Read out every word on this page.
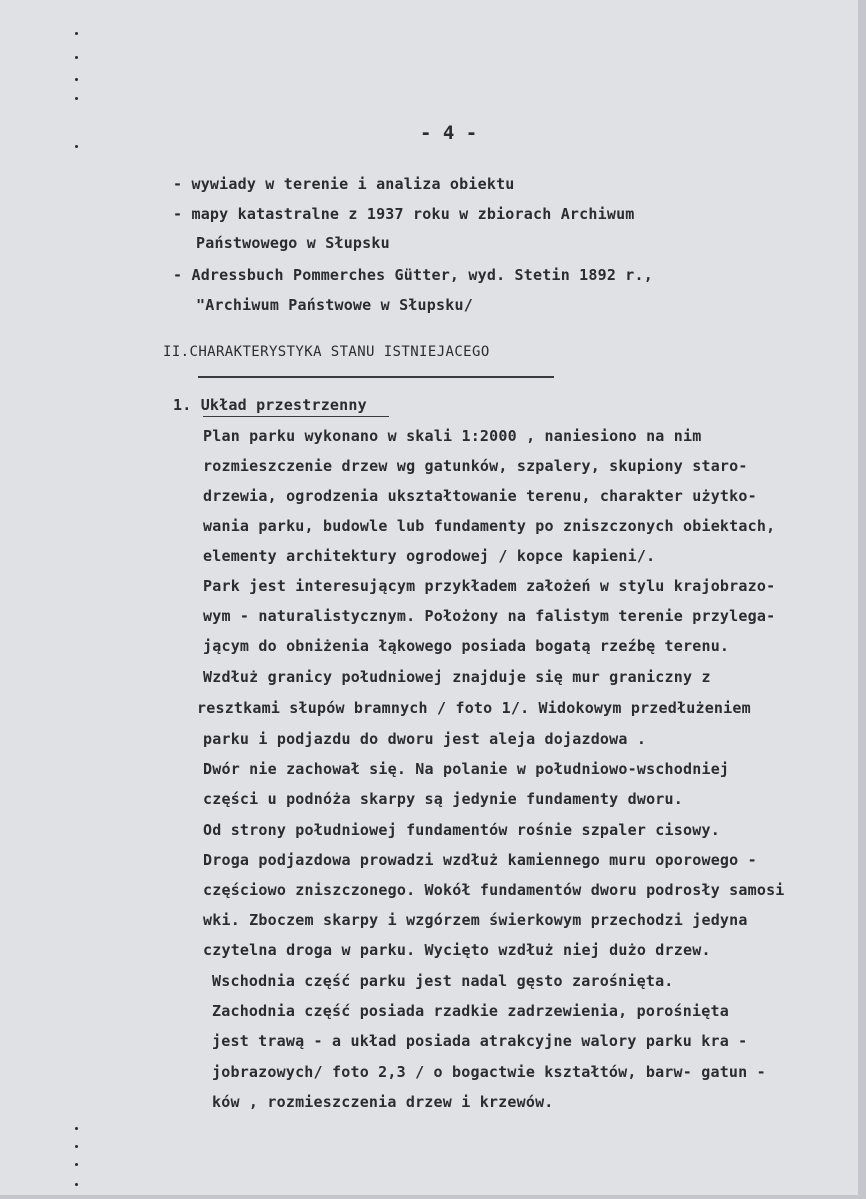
- 4 -
- wywiady w terenie i analiza obiektu
- mapy katastralne z 1937 roku w zbiorach Archiwum
Państwowego w Słupsku
- Adressbuch Pommerches Gütter, wyd. Stetin 1892 r.,
"Archiwum Państwowe w Słupsku/
II.CHARAKTERYSTYKA STANU ISTNIEJACEGO
1. Układ przestrzenny
Plan parku wykonano w skali 1:2000 , naniesiono na nim
rozmieszczenie drzew wg gatunków, szpalery, skupiony staro-
drzewia, ogrodzenia ukształtowanie terenu, charakter użytko-
wania parku, budowle lub fundamenty po zniszczonych obiektach,
elementy architektury ogrodowej / kopce kapieni/.
Park jest interesującym przykładem założeń w stylu krajobrazo-
wym - naturalistycznym. Położony na falistym terenie przylega-
jącym do obniżenia łąkowego posiada bogatą rzeźbę terenu.
Wzdłuż granicy południowej znajduje się mur graniczny z
resztkami słupów bramnych / foto 1/. Widokowym przedłużeniem
parku i podjazdu do dworu jest aleja dojazdowa .
Dwór nie zachował się. Na polanie w południowo-wschodniej
części u podnóża skarpy są jedynie fundamenty dworu.
Od strony południowej fundamentów rośnie szpaler cisowy.
Droga podjazdowa prowadzi wzdłuż kamiennego muru oporowego -
częściowo zniszczonego. Wokół fundamentów dworu podrosły samosi
wki. Zboczem skarpy i wzgórzem świerkowym przechodzi jedyna
czytelna droga w parku. Wycięto wzdłuż niej dużo drzew.
Wschodnia część parku jest nadal gęsto zarośnięta.
Zachodnia część posiada rzadkie zadrzewienia, porośnięta
jest trawą - a układ posiada atrakcyjne walory parku kra -
jobrazowych/ foto 2,3 / o bogactwie kształtów, barw- gatun -
ków , rozmieszczenia drzew i krzewów.
